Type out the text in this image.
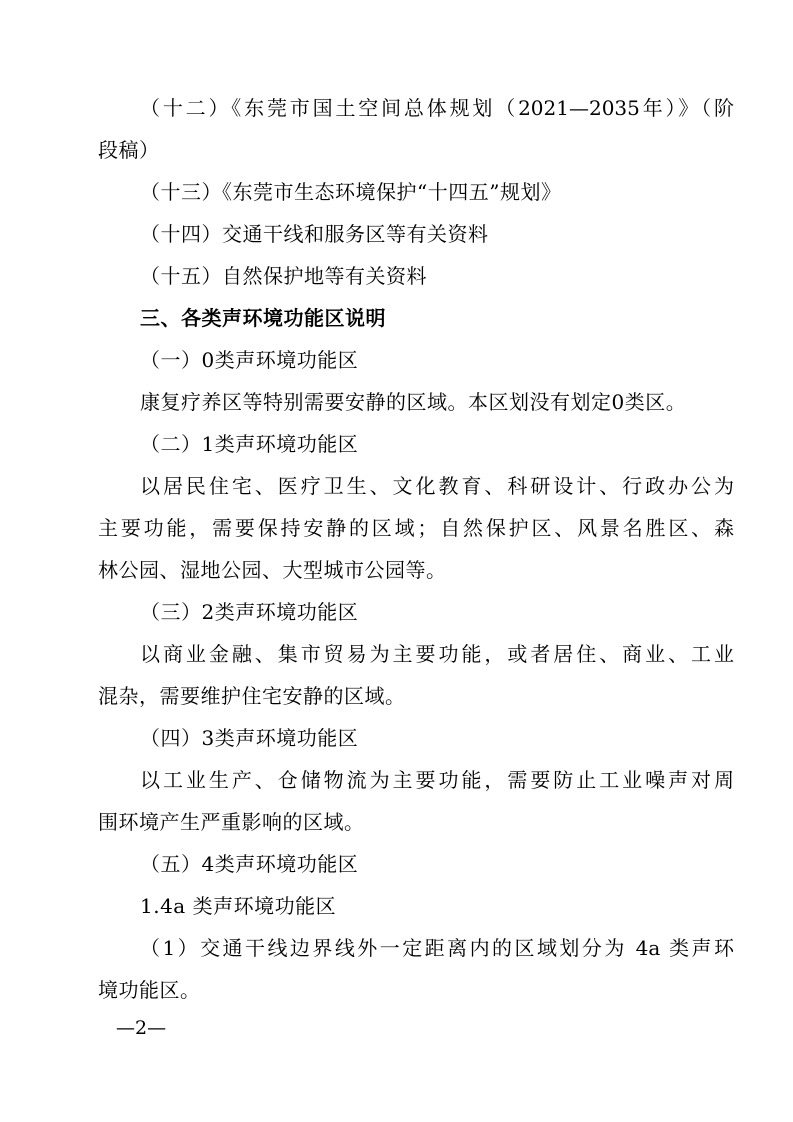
（十二）《东莞市国土空间总体规划（2021—2035年）》（阶
段稿）
（十三）《东莞市生态环境保护“十四五”规划》
（十四）交通干线和服务区等有关资料
（十五）自然保护地等有关资料
三、各类声环境功能区说明
（一）0类声环境功能区
康复疗养区等特别需要安静的区域。本区划没有划定0类区。
（二）1类声环境功能区
以居民住宅、医疗卫生、文化教育、科研设计、行政办公为
主要功能，需要保持安静的区域；自然保护区、风景名胜区、森
林公园、湿地公园、大型城市公园等。
（三）2类声环境功能区
以商业金融、集市贸易为主要功能，或者居住、商业、工业
混杂，需要维护住宅安静的区域。
（四）3类声环境功能区
以工业生产、仓储物流为主要功能，需要防止工业噪声对周
围环境产生严重影响的区域。
（五）4类声环境功能区
1.4a 类声环境功能区
（1）交通干线边界线外一定距离内的区域划分为 4a 类声环
境功能区。
—2—
